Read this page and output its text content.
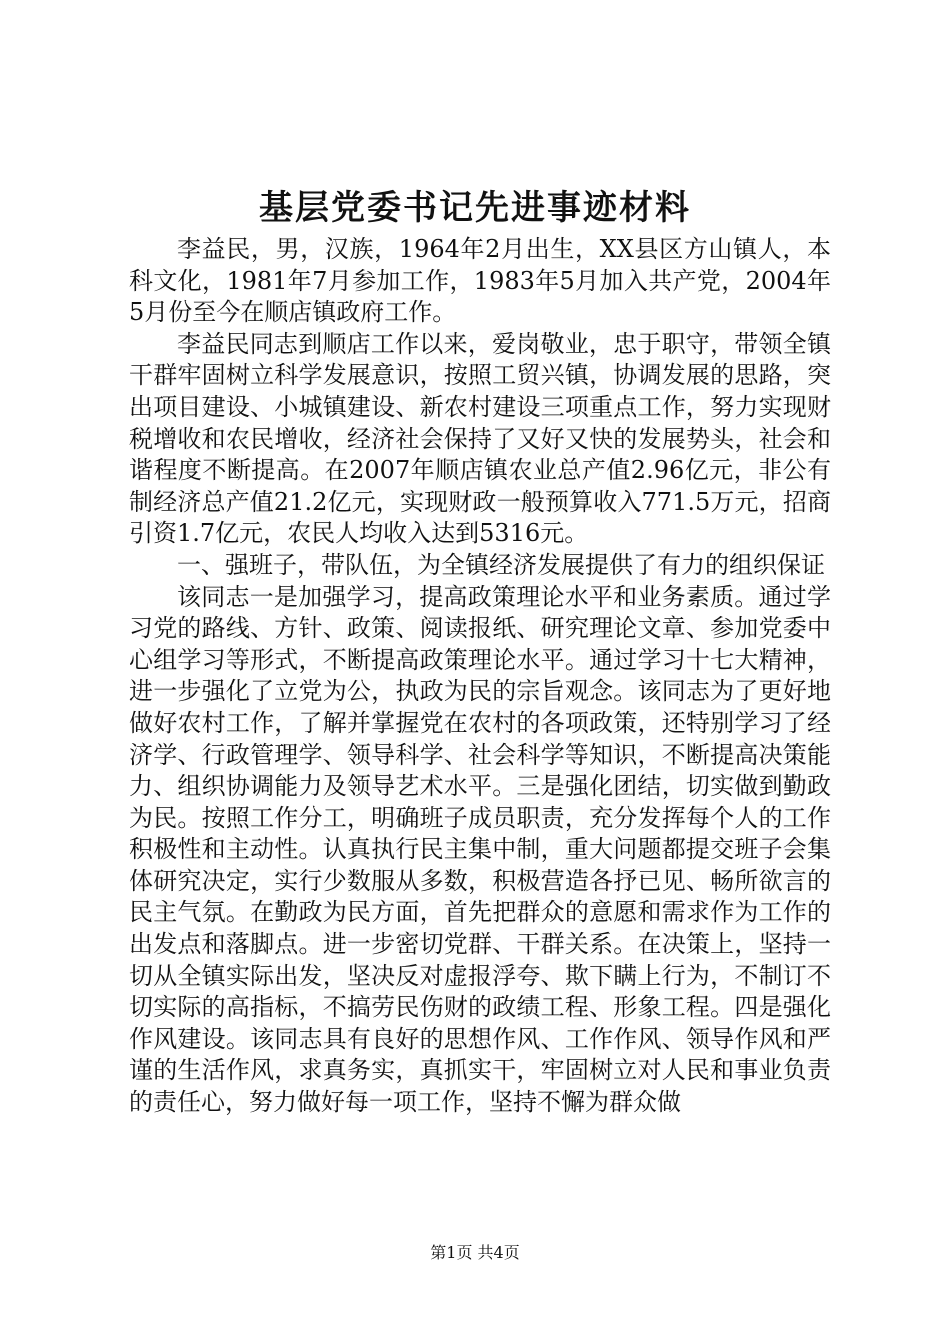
基层党委书记先进事迹材料

李益民，男，汉族，1964年2月出生，XX县区方山镇人，本科文化，1981年7月参加工作，1983年5月加入共产党，2004年5月份至今在顺店镇政府工作。

李益民同志到顺店工作以来，爱岗敬业，忠于职守，带领全镇干群牢固树立科学发展意识，按照工贸兴镇，协调发展的思路，突出项目建设、小城镇建设、新农村建设三项重点工作，努力实现财税增收和农民增收，经济社会保持了又好又快的发展势头，社会和谐程度不断提高。在2007年顺店镇农业总产值2.96亿元，非公有制经济总产值21.2亿元，实现财政一般预算收入771.5万元，招商引资1.7亿元，农民人均收入达到5316元。

一、强班子，带队伍，为全镇经济发展提供了有力的组织保证

该同志一是加强学习，提高政策理论水平和业务素质。通过学习党的路线、方针、政策、阅读报纸、研究理论文章、参加党委中心组学习等形式，不断提高政策理论水平。通过学习十七大精神，进一步强化了立党为公，执政为民的宗旨观念。该同志为了更好地做好农村工作，了解并掌握党在农村的各项政策，还特别学习了经济学、行政管理学、领导科学、社会科学等知识，不断提高决策能力、组织协调能力及领导艺术水平。三是强化团结，切实做到勤政为民。按照工作分工，明确班子成员职责，充分发挥每个人的工作积极性和主动性。认真执行民主集中制，重大问题都提交班子会集体研究决定，实行少数服从多数，积极营造各抒已见、畅所欲言的民主气氛。在勤政为民方面，首先把群众的意愿和需求作为工作的出发点和落脚点。进一步密切党群、干群关系。在决策上，坚持一切从全镇实际出发，坚决反对虚报浮夸、欺下瞒上行为，不制订不切实际的高指标，不搞劳民伤财的政绩工程、形象工程。四是强化作风建设。该同志具有良好的思想作风、工作作风、领导作风和严谨的生活作风，求真务实，真抓实干，牢固树立对人民和事业负责的责任心，努力做好每一项工作，坚持不懈为群众做

第1页 共4页
